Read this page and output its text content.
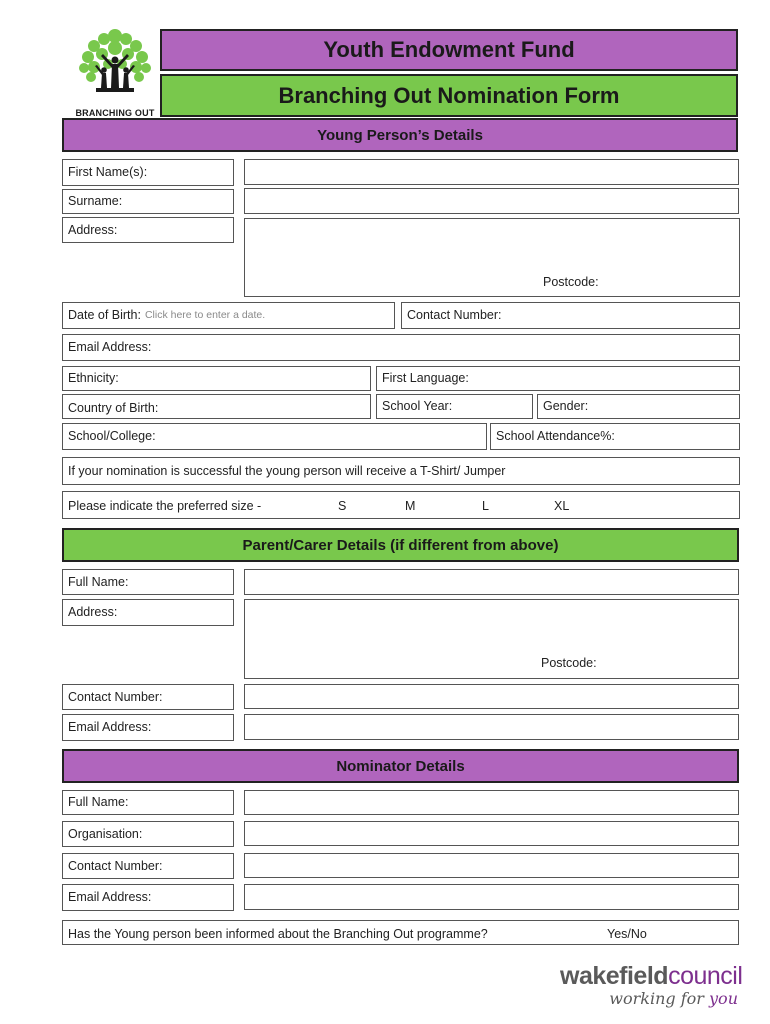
BRANCHING OUT
Youth Endowment Fund
Branching Out Nomination Form
Young Person’s Details
First Name(s):
Surname:
Address:
Postcode:
Date of Birth: Click here to enter a date.	Contact Number:
Email Address:
Ethnicity:	First Language:
Country of Birth:	School Year:	Gender:
School/College:	School Attendance%:
If your nomination is successful the young person will receive a T-Shirt/ Jumper
Please indicate the preferred size -	S	M	L	XL
Parent/Carer Details (if different from above)
Full Name:
Address:
Postcode:
Contact Number:
Email Address:
Nominator Details
Full Name:
Organisation:
Contact Number:
Email Address:
Has the Young person been informed about the Branching Out programme?	Yes/No
wakefieldcouncil
working for you
